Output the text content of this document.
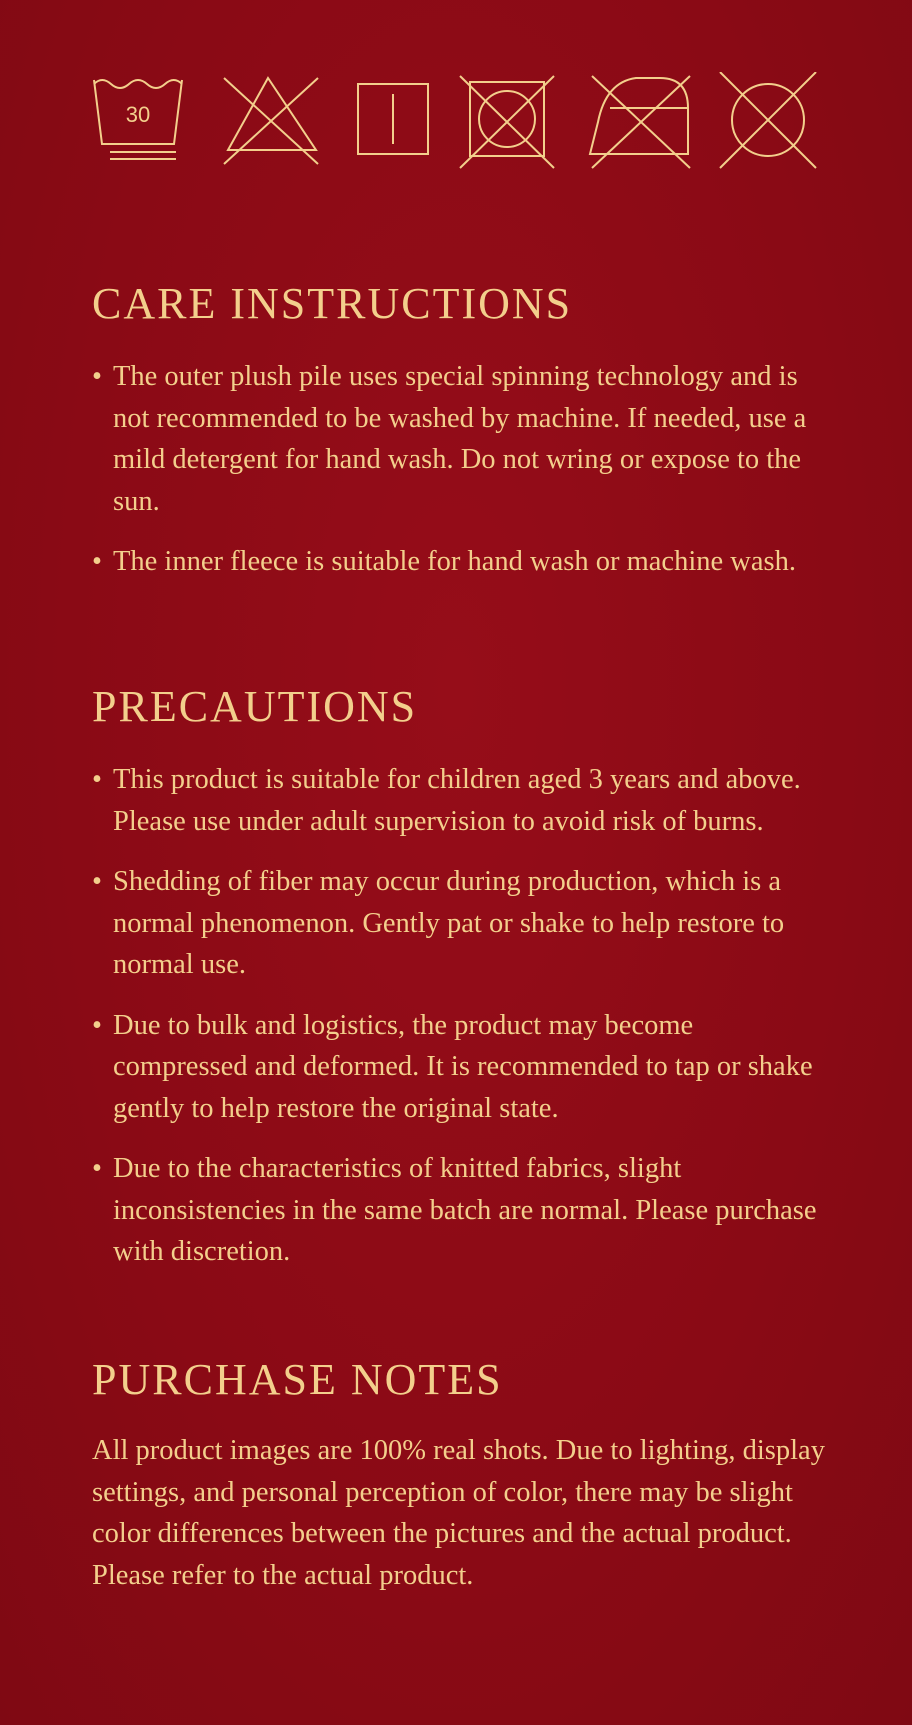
30
CARE INSTRUCTIONS
• The outer plush pile uses special spinning technology and is not recommended to be washed by machine. If needed, use a mild detergent for hand wash. Do not wring or expose to the sun.
• The inner fleece is suitable for hand wash or machine wash.
PRECAUTIONS
• This product is suitable for children aged 3 years and above. Please use under adult supervision to avoid risk of burns.
• Shedding of fiber may occur during production, which is a normal phenomenon. Gently pat or shake to help restore to normal use.
• Due to bulk and logistics, the product may become compressed and deformed. It is recommended to tap or shake gently to help restore the original state.
• Due to the characteristics of knitted fabrics, slight inconsistencies in the same batch are normal. Please purchase with discretion.
PURCHASE NOTES

All product images are 100% real shots. Due to lighting, display settings, and personal perception of color, there may be slight color differences between the pictures and the actual product. Please refer to the actual product.
